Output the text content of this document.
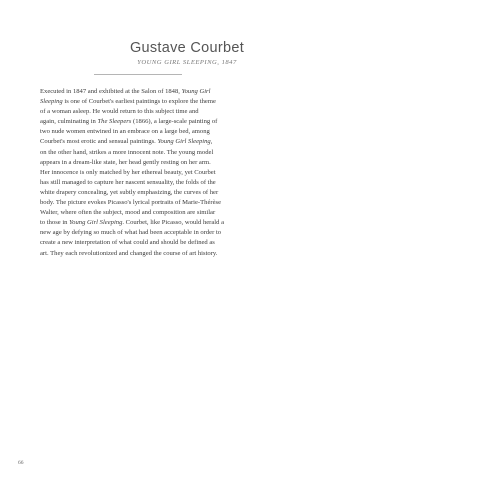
Gustave Courbet
YOUNG GIRL SLEEPING, 1847
Executed in 1847 and exhibited at the Salon of 1848, Young Girl
Sleeping is one of Courbet's earliest paintings to explore the theme
of a woman asleep. He would return to this subject time and
again, culminating in The Sleepers (1866), a large-scale painting of
two nude women entwined in an embrace on a large bed, among
Courbet's most erotic and sensual paintings. Young Girl Sleeping,
on the other hand, strikes a more innocent note. The young model
appears in a dream-like state, her head gently resting on her arm.
Her innocence is only matched by her ethereal beauty, yet Courbet
has still managed to capture her nascent sensuality, the folds of the
white drapery concealing, yet subtly emphasizing, the curves of her
body. The picture evokes Picasso's lyrical portraits of Marie-Thérèse
Walter, where often the subject, mood and composition are similar
to those in Young Girl Sleeping. Courbet, like Picasso, would herald a
new age by defying so much of what had been acceptable in order to
create a new interpretation of what could and should be defined as
art. They each revolutionized and changed the course of art history.
66
